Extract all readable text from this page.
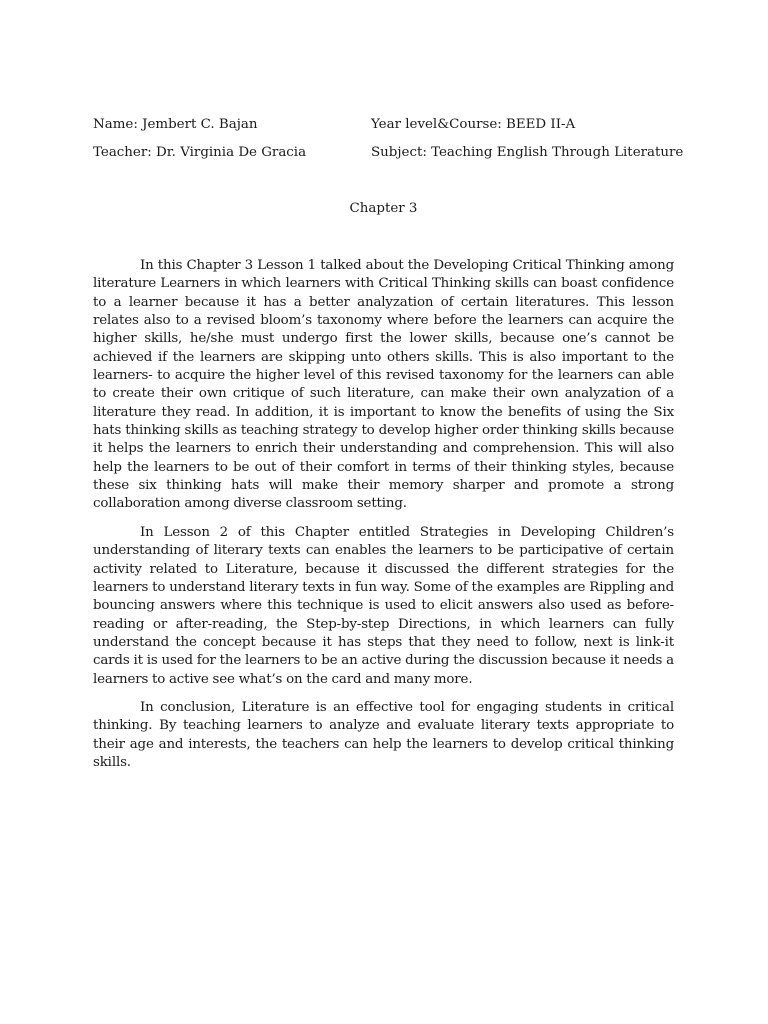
Name: Jembert C. Bajan	Year level&Course: BEED II-A
Teacher: Dr. Virginia De Gracia	Subject: Teaching English Through Literature
Chapter 3

In this Chapter 3 Lesson 1 talked about the Developing Critical Thinking among literature Learners in which learners with Critical Thinking skills can boast confidence to a learner because it has a better analyzation of certain literatures. This lesson relates also to a revised bloom’s taxonomy where before the learners can acquire the higher skills, he/she must undergo first the lower skills, because one’s cannot be achieved if the learners are skipping unto others skills. This is also important to the learners- to acquire the higher level of this revised taxonomy for the learners can able to create their own critique of such literature, can make their own analyzation of a literature they read. In addition, it is important to know the benefits of using the Six hats thinking skills as teaching strategy to develop higher order thinking skills because it helps the learners to enrich their understanding and comprehension. This will also help the learners to be out of their comfort in terms of their thinking styles, because these six thinking hats will make their memory sharper and promote a strong collaboration among diverse classroom setting.

In Lesson 2 of this Chapter entitled Strategies in Developing Children’s understanding of literary texts can enables the learners to be participative of certain activity related to Literature, because it discussed the different strategies for the learners to understand literary texts in fun way. Some of the examples are Rippling and bouncing answers where this technique is used to elicit answers also used as before-reading or after-reading, the Step-by-step Directions, in which learners can fully understand the concept because it has steps that they need to follow, next is link-it cards it is used for the learners to be an active during the discussion because it needs a learners to active see what’s on the card and many more.

In conclusion, Literature is an effective tool for engaging students in critical thinking. By teaching learners to analyze and evaluate literary texts appropriate to their age and interests, the teachers can help the learners to develop critical thinking skills.
